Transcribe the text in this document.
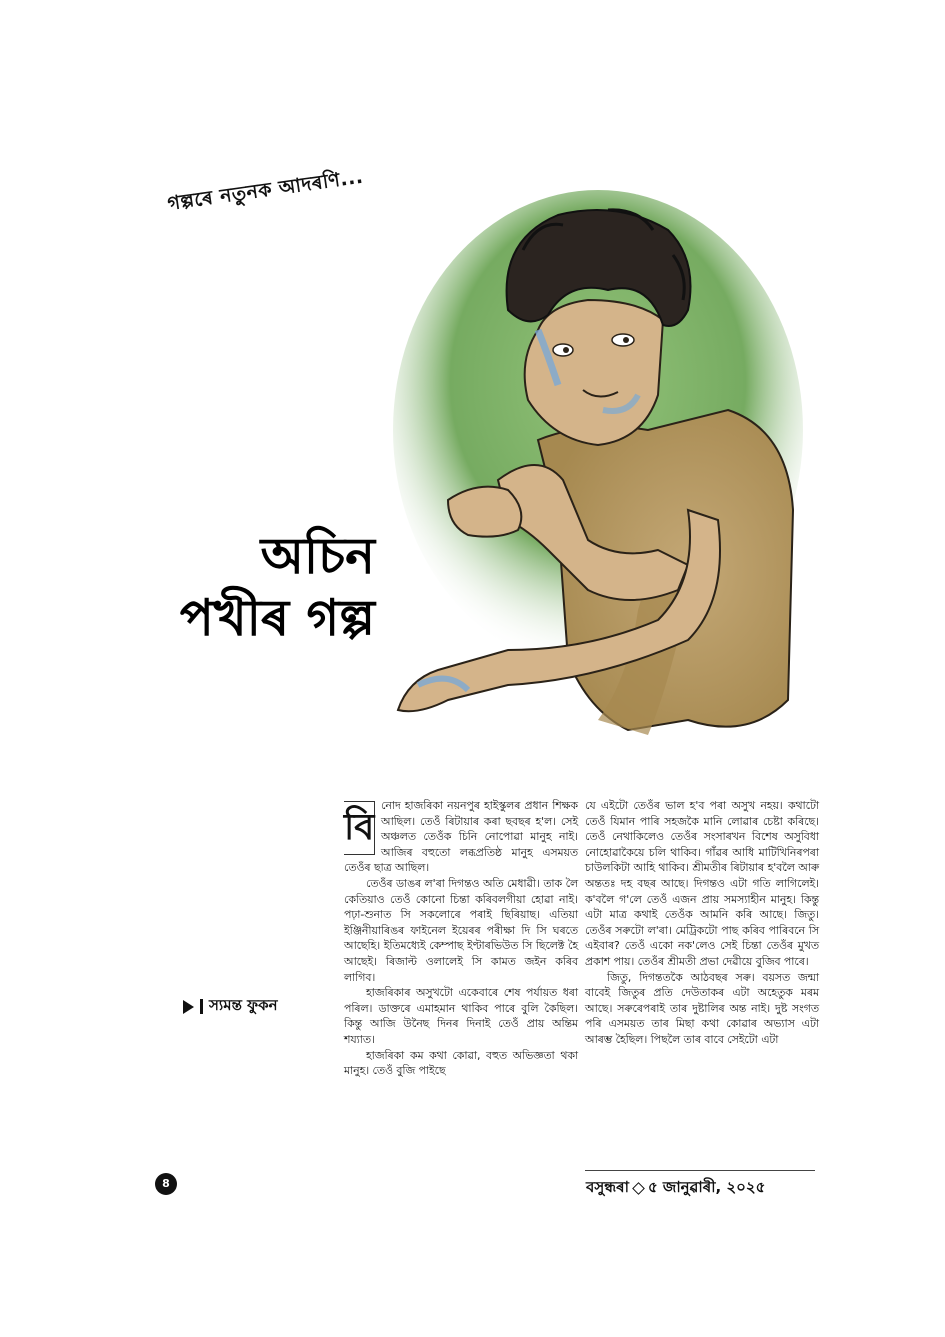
গল্পৰে নতুনক আদৰণি...
অচিন
পখীৰ গল্প
স্যমন্ত ফুকন
বি

নোদ হাজৰিকা নয়নপুৰ হাইস্কুলৰ প্ৰধান শিক্ষক আছিল। তেওঁ ৰিটায়াৰ কৰা ছবছৰ হ'ল। সেই অঞ্চলত তেওঁক চিনি নোপোৱা মানুহ নাই। আজিৰ বহুতো লব্ধপ্ৰতিষ্ঠ মানুহ এসময়ত তেওঁৰ ছাত্ৰ আছিল।

তেওঁৰ ডাঙৰ ল'ৰা দিগন্তও অতি মেধাৱী। তাক লৈ কেতিয়াও তেওঁ কোনো চিন্তা কৰিবলগীয়া হোৱা নাই। পঢ়া-শুনাত সি সকলোৰে পৰাই ছিৰিয়াছ। এতিয়া ইঞ্জিনীয়াৰিঙৰ ফাইনেল ইয়েৰৰ পৰীক্ষা দি সি ঘৰতে আছেহি। ইতিমধ্যেই কেম্পাছ ইণ্টাৰভিউত সি ছিলেক্ট হৈ আছেই। ৰিজাল্ট ওলালেই সি কামত জইন কৰিব লাগিব।

হাজৰিকাৰ অসুখটো একেবাৰে শেষ পৰ্যায়ত ধৰা পৰিল। ডাক্তৰে এমাহমান থাকিব পাৰে বুলি কৈছিল। কিন্তু আজি উনৈছ দিনৰ দিনাই তেওঁ প্ৰায় অন্তিম শয্যাত।

হাজৰিকা কম কথা কোৱা, বহুত অভিজ্ঞতা থকা মানুহ। তেওঁ বুজি পাইছে

যে এইটো তেওঁৰ ভাল হ'ব পৰা অসুখ নহয়। কথাটো তেওঁ যিমান পাৰি সহজকৈ মানি লোৱাৰ চেষ্টা কৰিছে। তেওঁ নেথাকিলেও তেওঁৰ সংসাৰখন বিশেষ অসুবিধা নোহোৱাকৈয়ে চলি থাকিব। গাঁৱৰ আধি মাটিখিনিৰপৰা চাউলকিটা আহি থাকিব। শ্ৰীমতীৰ ৰিটায়াৰ হ'বলৈ আৰু অন্ততঃ দহ বছৰ আছে। দিগন্তও এটা গতি লাগিলেই। ক'বলৈ গ'লে তেওঁ এজন প্ৰায় সমস্যাহীন মানুহ। কিন্তু এটা মাত্ৰ কথাই তেওঁক আমনি কৰি আছে। জিতু। তেওঁৰ সৰুটো ল'ৰা। মেট্ৰিকটো পাছ কৰিব পাৰিবনে সি এইবাৰ? তেওঁ একো নক'লেও সেই চিন্তা তেওঁৰ মুখত প্ৰকাশ পায়। তেওঁৰ শ্ৰীমতী প্ৰভা দেৱীয়ে বুজিব পাৰে।

জিতু, দিগন্ততকৈ আঠবছৰ সৰু। বয়সত জন্মা বাবেই জিতুৰ প্ৰতি দেউতাকৰ এটা অহেতুক মৰম আছে। সৰুৰেপৰাই তাৰ দুষ্টালিৰ অন্ত নাই। দুষ্ট সংগত পৰি এসময়ত তাৰ মিছা কথা কোৱাৰ অভ্যাস এটা আৰম্ভ হৈছিল। পিছলৈ তাৰ বাবে সেইটো এটা

8	বসুন্ধৰা ৫ জানুৱাৰী, ২০২৫
